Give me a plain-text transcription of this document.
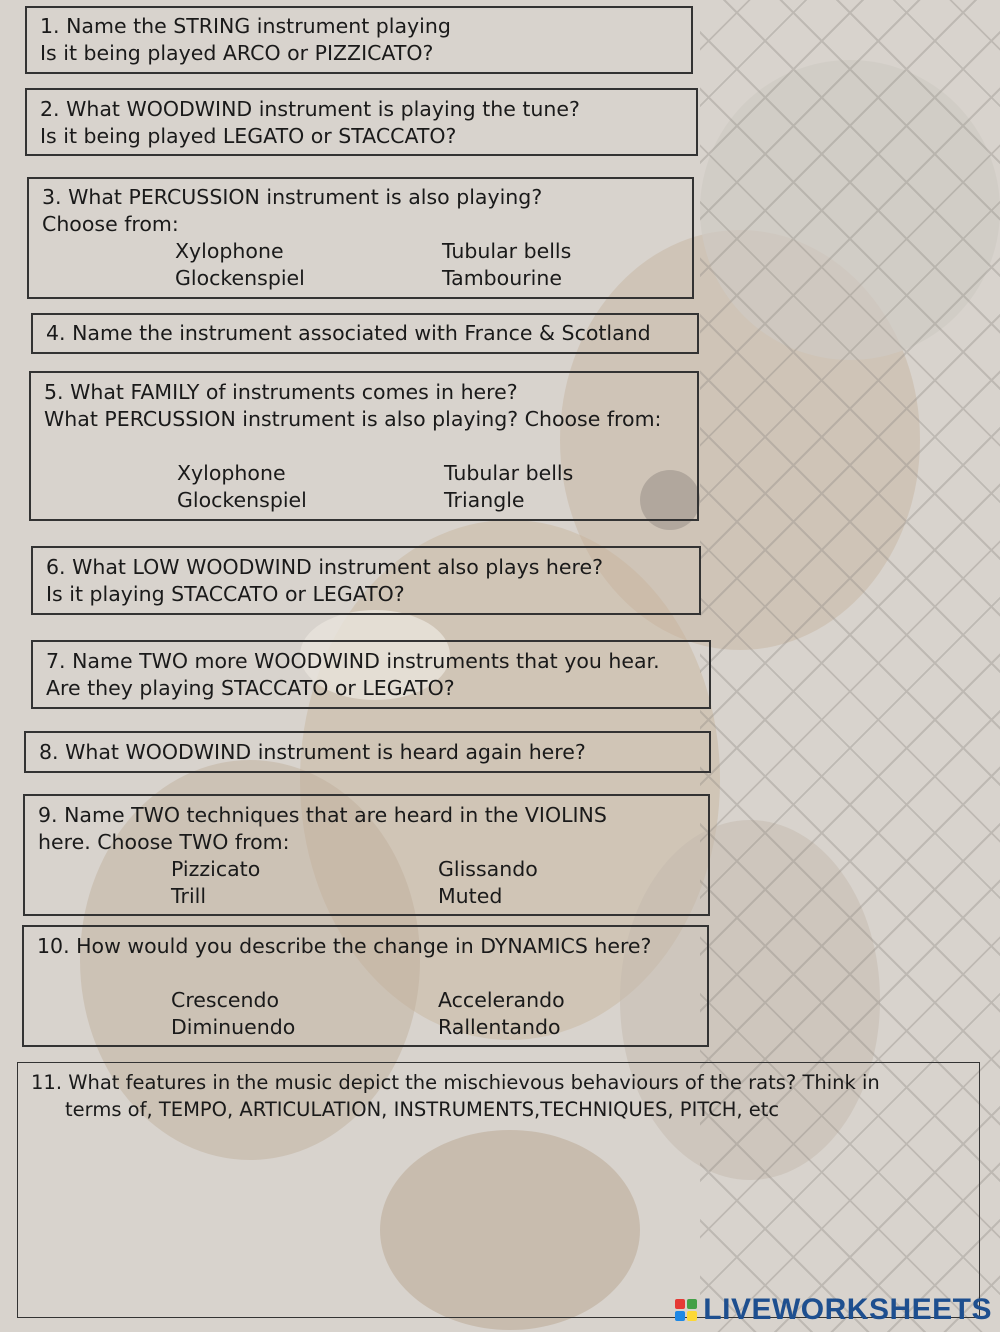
1. Name the STRING instrument playing
Is it being played ARCO or PIZZICATO?
2. What WOODWIND instrument is playing the tune?
Is it being played LEGATO or STACCATO?
3. What PERCUSSION instrument is also playing?
Choose from:
Xylophone	Tubular bells
Glockenspiel	Tambourine
4. Name the instrument associated with France & Scotland
5. What FAMILY of instruments comes in here?
What PERCUSSION instrument is also playing? Choose from:
Xylophone	Tubular bells
Glockenspiel	Triangle
6. What LOW WOODWIND instrument also plays here?
Is it playing STACCATO or LEGATO?
7. Name TWO more WOODWIND instruments that you hear.
Are they playing STACCATO or LEGATO?
8. What WOODWIND instrument is heard again here?
9. Name TWO techniques that are heard in the VIOLINS
here. Choose TWO from:
Pizzicato	Glissando
Trill	Muted
10. How would you describe the change in DYNAMICS here?
Crescendo	Accelerando
Diminuendo	Rallentando
11. What features in the music depict the mischievous behaviours of the rats? Think in
terms of, TEMPO, ARTICULATION, INSTRUMENTS,TECHNIQUES, PITCH, etc
LIVEWORKSHEETS
